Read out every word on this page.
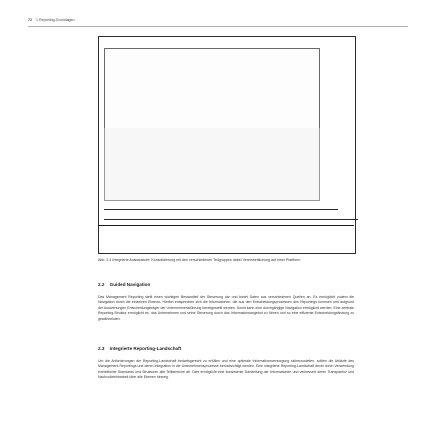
72 1 Reporting-Grundlagen
Abb. 2.4 Integrierte Ausbaustufe: Konsolidierung mit den verschiedenen Teilgruppen dabei Vereinheitlichung auf einer Plattform
2.2 Guided Navigation
Das Management Reporting stellt einen wichtigen Bestandteil der Steuerung dar und bietet Daten aus verschiedenen Quellen an. Es ermöglicht zudem die Navigation durch die einzelnen Ebenen. Hierbei entsprechen sich die Informationen, die aus den Entscheidungsprozessen des Reportings kommen und aufgrund der Auswertungen Entscheidungsträger der Unternehmensführung bereitgestellt werden. Somit kann eine durchgängige Navigation ermöglicht werden. Eine zentrale Reporting-Struktur ermöglicht es, das Unternehmen und seine Steuerung durch das Informationsangebot zu führen und so eine effiziente Entscheidungsfindung zu gewährleisten.
2.3 Integrierte Reporting-Landschaft
Um die Anforderungen der Reporting-Landschaft bedarfsgerecht zu erfüllen und eine optimale Informationsversorgung sicherzustellen, sollten die Abläufe des Management Reportings und deren Integration in die Unternehmensprozesse berücksichtigt werden. Eine integrierte Reporting-Landschaft deckt durch Verwendung einheitlicher Standards und Strukturen alle Teilbereiche ab. Dies ermöglicht eine konsistente Darstellung der Informationen und verbessert deren Transparenz und Nachvollziehbarkeit über alle Ebenen hinweg.
